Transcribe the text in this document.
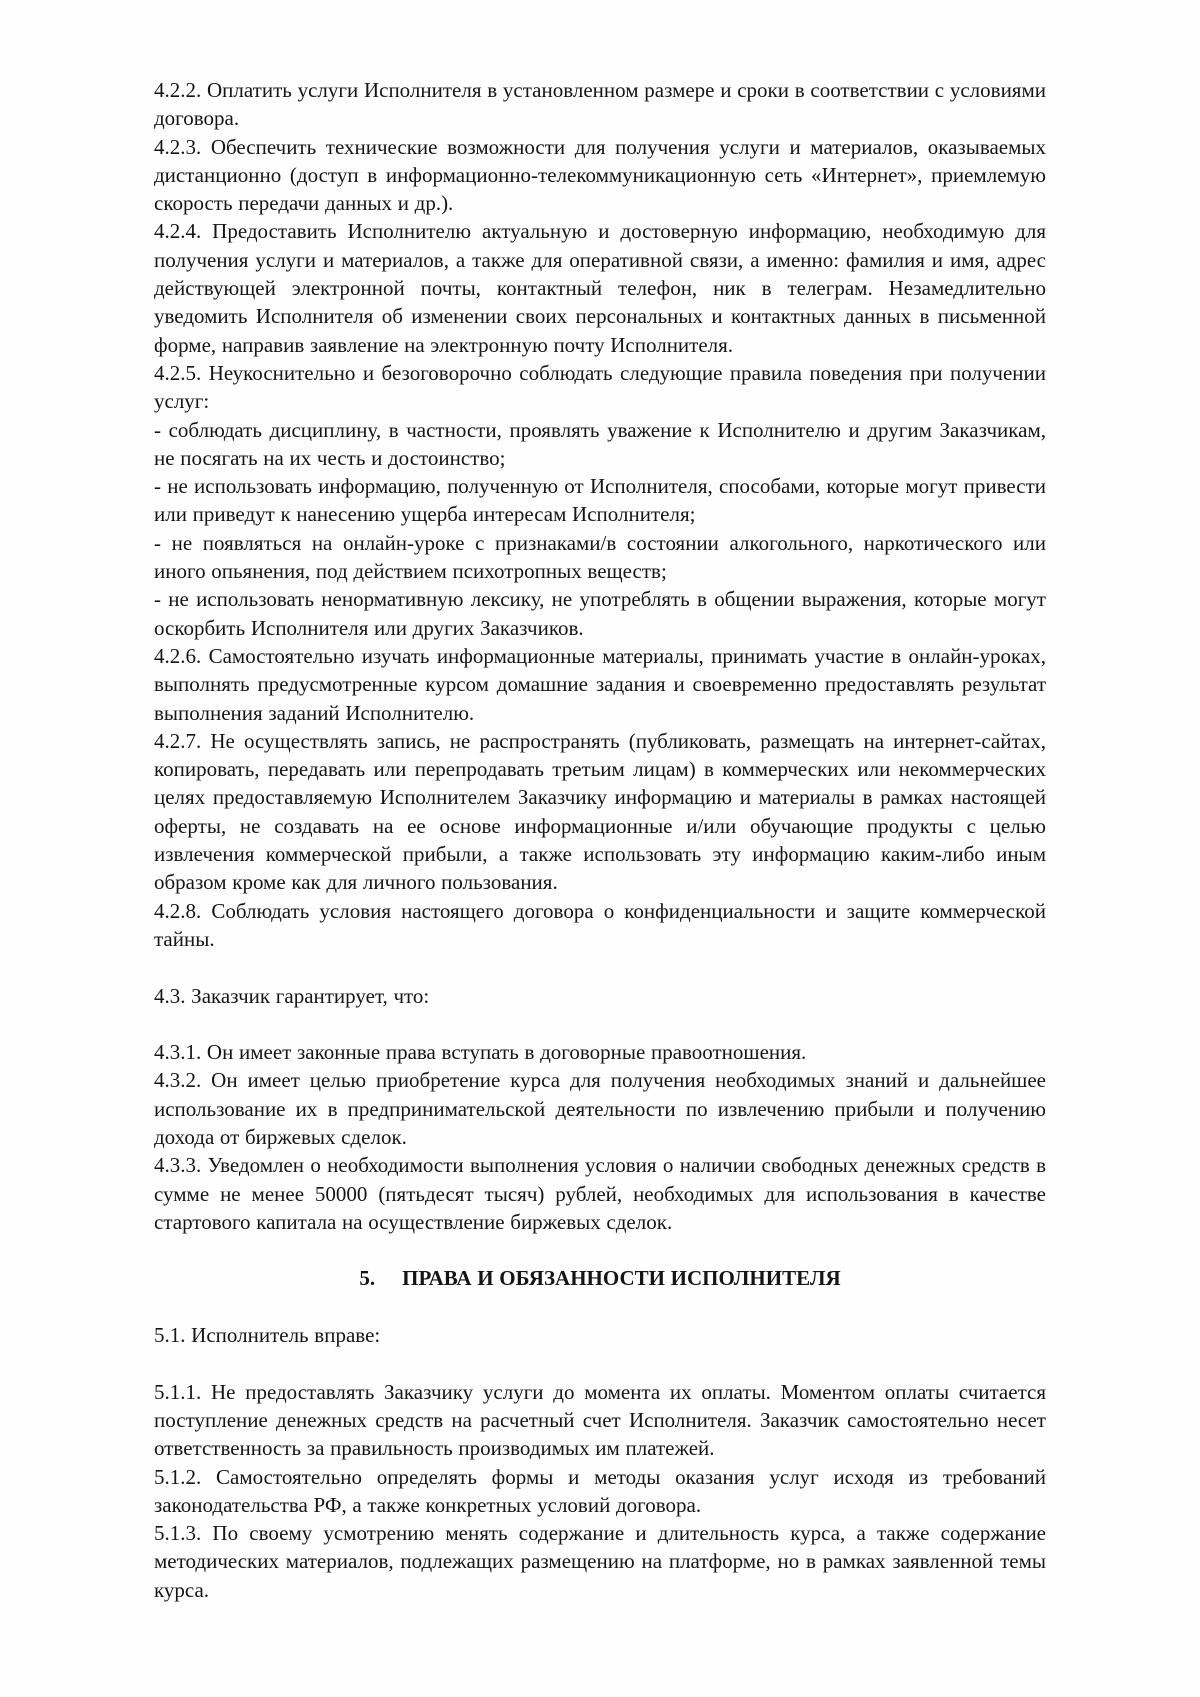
4.2.2. Оплатить услуги Исполнителя в установленном размере и сроки в соответствии с условиями договора.

4.2.3. Обеспечить технические возможности для получения услуги и материалов, оказываемых дистанционно (доступ в информационно-телекоммуникационную сеть «Интернет», приемлемую скорость передачи данных и др.).

4.2.4. Предоставить Исполнителю актуальную и достоверную информацию, необходимую для получения услуги и материалов, а также для оперативной связи, а именно: фамилия и имя, адрес действующей электронной почты, контактный телефон, ник в телеграм. Незамедлительно уведомить Исполнителя об изменении своих персональных и контактных данных в письменной форме, направив заявление на электронную почту Исполнителя.

4.2.5. Неукоснительно и безоговорочно соблюдать следующие правила поведения при получении услуг:

- соблюдать дисциплину, в частности, проявлять уважение к Исполнителю и другим Заказчикам, не посягать на их честь и достоинство;

- не использовать информацию, полученную от Исполнителя, способами, которые могут привести или приведут к нанесению ущерба интересам Исполнителя;

- не появляться на онлайн-уроке с признаками/в состоянии алкогольного, наркотического или иного опьянения, под действием психотропных веществ;

- не использовать ненормативную лексику, не употреблять в общении выражения, которые могут оскорбить Исполнителя или других Заказчиков.

4.2.6. Самостоятельно изучать информационные материалы, принимать участие в онлайн-уроках, выполнять предусмотренные курсом домашние задания и своевременно предоставлять результат выполнения заданий Исполнителю.

4.2.7. Не осуществлять запись, не распространять (публиковать, размещать на интернет-сайтах, копировать, передавать или перепродавать третьим лицам) в коммерческих или некоммерческих целях предоставляемую Исполнителем Заказчику информацию и материалы в рамках настоящей оферты, не создавать на ее основе информационные и/или обучающие продукты с целью извлечения коммерческой прибыли, а также использовать эту информацию каким-либо иным образом кроме как для личного пользования.

4.2.8. Соблюдать условия настоящего договора о конфиденциальности и защите коммерческой тайны.

4.3. Заказчик гарантирует, что:

4.3.1. Он имеет законные права вступать в договорные правоотношения.

4.3.2. Он имеет целью приобретение курса для получения необходимых знаний и дальнейшее использование их в предпринимательской деятельности по извлечению прибыли и получению дохода от биржевых сделок.

4.3.3. Уведомлен о необходимости выполнения условия о наличии свободных денежных средств в сумме не менее 50000 (пятьдесят тысяч) рублей, необходимых для использования в качестве стартового капитала на осуществление биржевых сделок.

5. ПРАВА И ОБЯЗАННОСТИ ИСПОЛНИТЕЛЯ

5.1. Исполнитель вправе:

5.1.1. Не предоставлять Заказчику услуги до момента их оплаты. Моментом оплаты считается поступление денежных средств на расчетный счет Исполнителя. Заказчик самостоятельно несет ответственность за правильность производимых им платежей.

5.1.2. Самостоятельно определять формы и методы оказания услуг исходя из требований законодательства РФ, а также конкретных условий договора.

5.1.3. По своему усмотрению менять содержание и длительность курса, а также содержание методических материалов, подлежащих размещению на платформе, но в рамках заявленной темы курса.
